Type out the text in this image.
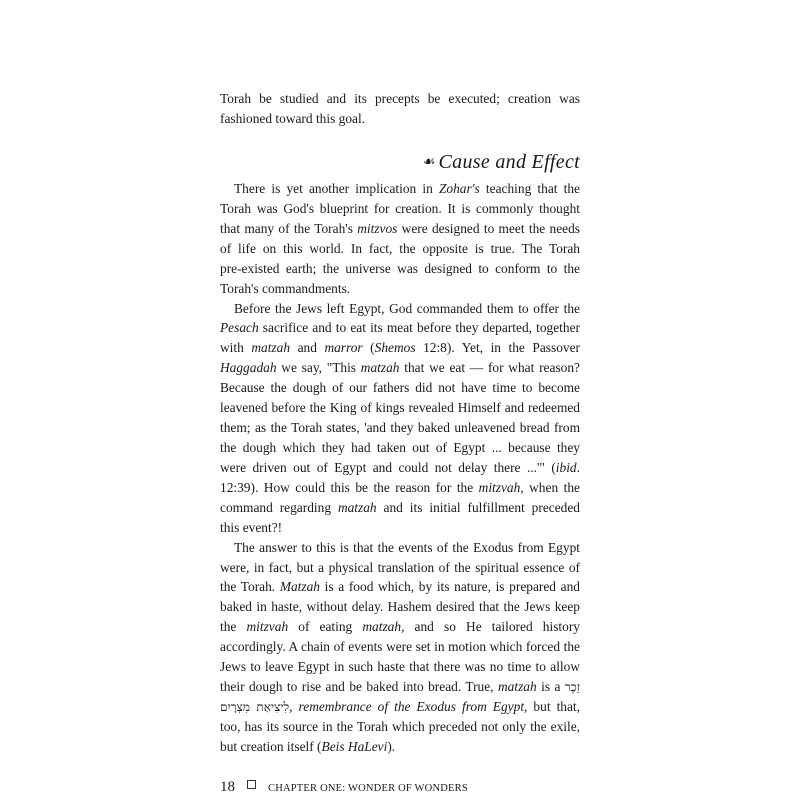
Torah be studied and its precepts be executed; creation was
fashioned toward this goal.
☙ Cause and Effect
There is yet another implication in Zohar's teaching that the
Torah was God's blueprint for creation. It is commonly thought
that many of the Torah's mitzvos were designed to meet the needs
of life on this world. In fact, the opposite is true. The Torah
pre-existed earth; the universe was designed to conform to the
Torah's commandments.
Before the Jews left Egypt, God commanded them to offer the
Pesach sacrifice and to eat its meat before they departed, together
with matzah and marror (Shemos 12:8). Yet, in the Passover
Haggadah we say, "This matzah that we eat — for what reason?
Because the dough of our fathers did not have time to become
leavened before the King of kings revealed Himself and redeemed
them; as the Torah states, 'and they baked unleavened bread from
the dough which they had taken out of Egypt ... because they
were driven out of Egypt and could not delay there ...'" (ibid.
12:39). How could this be the reason for the mitzvah, when the
command regarding matzah and its initial fulfillment preceded
this event?!
The answer to this is that the events of the Exodus from Egypt
were, in fact, but a physical translation of the spiritual essence of
the Torah. Matzah is a food which, by its nature, is prepared and
baked in haste, without delay. Hashem desired that the Jews keep
the mitzvah of eating matzah, and so He tailored history
accordingly. A chain of events were set in motion which forced the
Jews to leave Egypt in such haste that there was no time to allow
their dough to rise and be baked into bread. True, matzah is a זֵכֶר
לִיצִיאַת מִצְרָיִם, remembrance of the Exodus from Egypt, but that,
too, has its source in the Torah which preceded not only the exile,
but creation itself (Beis HaLevi).
18	CHAPTER ONE: WONDER OF WONDERS
